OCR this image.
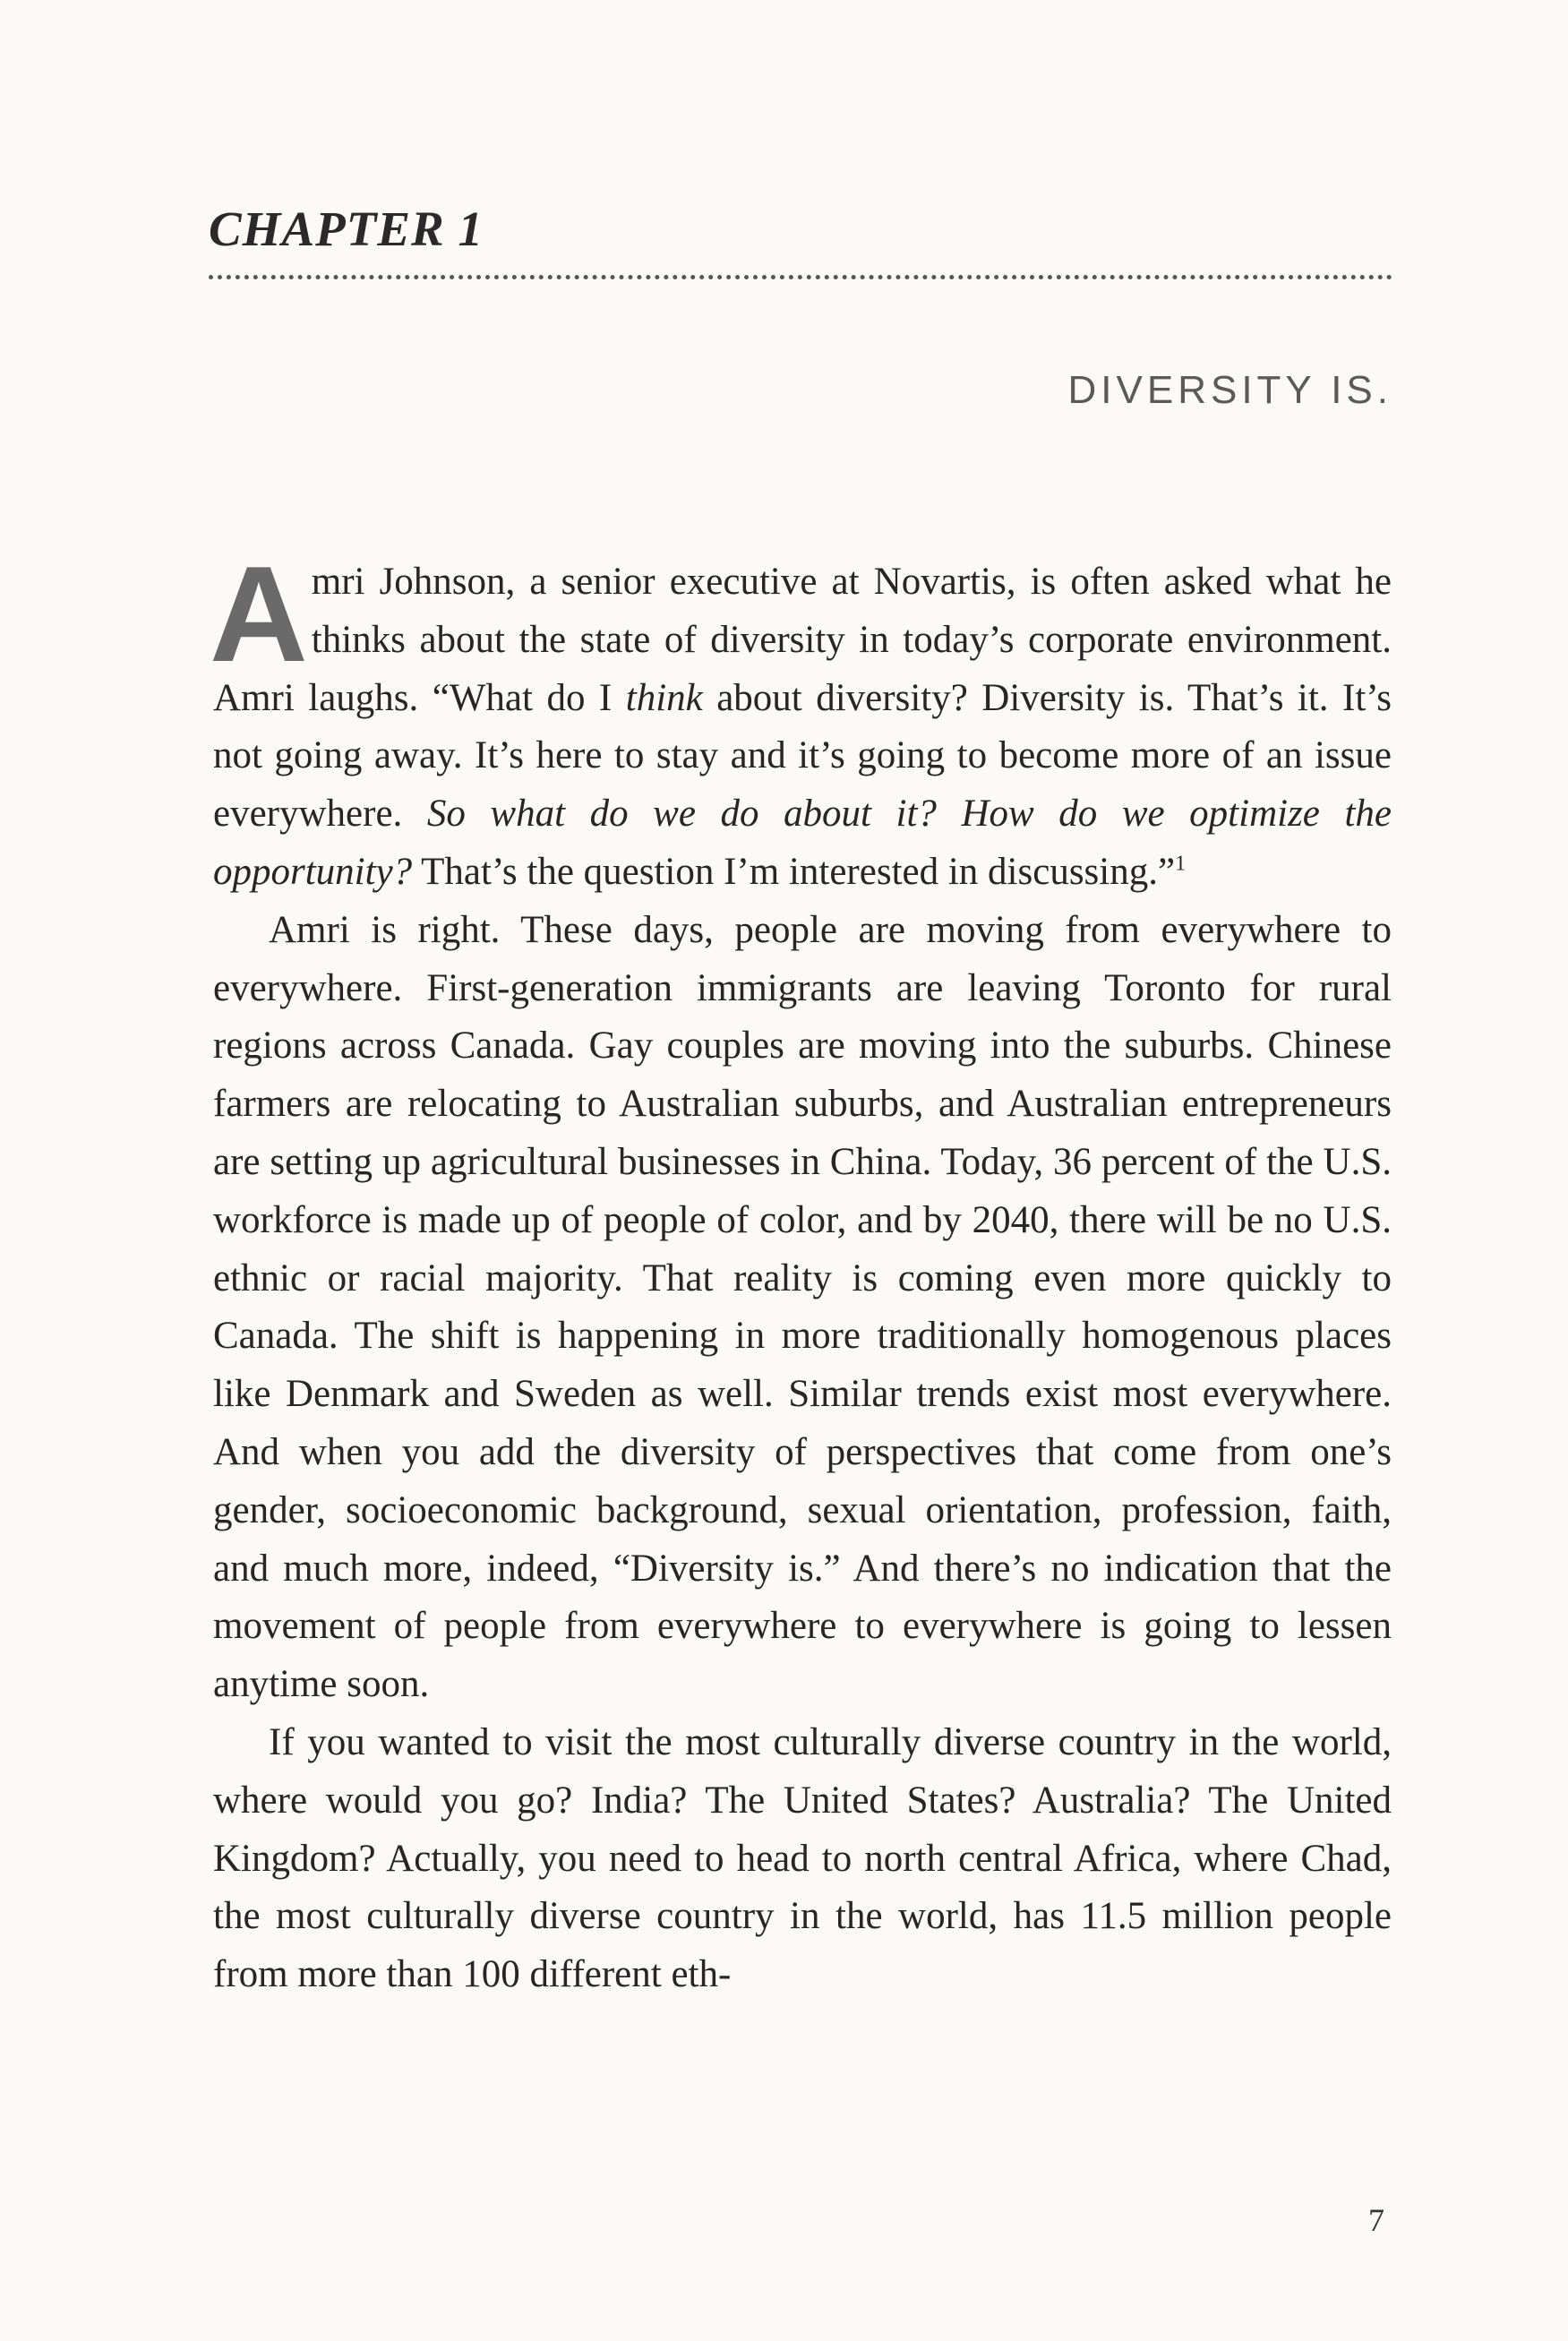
CHAPTER 1
DIVERSITY IS.

Amri Johnson, a senior executive at Novartis, is often asked what he thinks about the state of diversity in today’s corporate environment. Amri laughs. “What do I think about diversity? Diversity is. That’s it. It’s not going away. It’s here to stay and it’s going to become more of an issue everywhere. So what do we do about it? How do we optimize the opportunity? That’s the question I’m interested in discussing.”$^1$

Amri is right. These days, people are moving from everywhere to everywhere. First-generation immigrants are leaving Toronto for rural regions across Canada. Gay couples are moving into the suburbs. Chinese farmers are relocating to Australian suburbs, and Australian entrepreneurs are setting up agricultural businesses in China. Today, 36 percent of the U.S. workforce is made up of people of color, and by 2040, there will be no U.S. ethnic or racial majority. That reality is coming even more quickly to Canada. The shift is happening in more traditionally homogenous places like Denmark and Sweden as well. Similar trends exist most everywhere. And when you add the diversity of perspectives that come from one’s gender, socioeconomic background, sexual orientation, profession, faith, and much more, indeed, “Diversity is.” And there’s no indication that the movement of people from everywhere to everywhere is going to lessen anytime soon.

If you wanted to visit the most culturally diverse country in the world, where would you go? India? The United States? Australia? The United Kingdom? Actually, you need to head to north central Africa, where Chad, the most culturally diverse country in the world, has 11.5 million people from more than 100 different eth-

7
